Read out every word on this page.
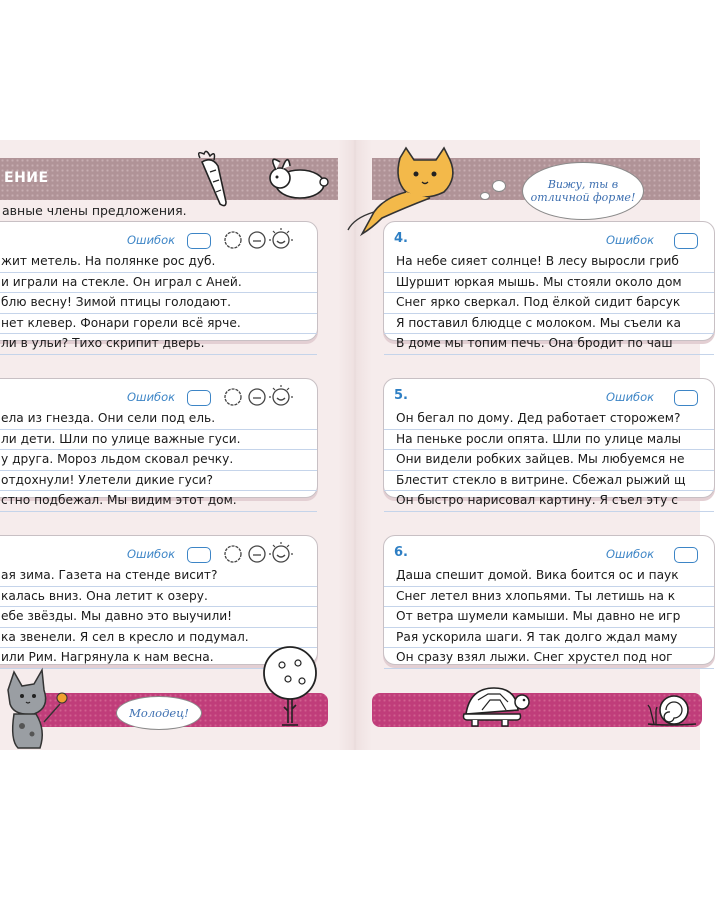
ЕНИЕ
авные члены предложения.
Ошибок
жит метель. На полянке рос дуб.
и играли на стекле. Он играл с Аней.
блю весну! Зимой птицы голодают.
нет клевер. Фонари горели всё ярче.
ли в ульи? Тихо скрипит дверь.
Ошибок
ела из гнезда. Они сели под ель.
ли дети. Шли по улице важные гуси.
у друга. Мороз льдом сковал речку.
отдохнули! Улетели дикие гуси?
стно подбежал. Мы видим этот дом.
Ошибок
ая зима. Газета на стенде висит?
калась вниз. Она летит к озеру.
ебе звёзды. Мы давно это выучили!
ка звенели. Я сел в кресло и подумал.
или Рим. Нагрянула к нам весна.
Молодец!
Вижу, ты в отличной форме!
4.	Ошибок
На небе сияет солнце! В лесу выросли гриб
Шуршит юркая мышь. Мы стояли около дом
Снег ярко сверкал. Под ёлкой сидит барсук
Я поставил блюдце с молоком. Мы съели ка
В доме мы топим печь. Она бродит по чаш
5.	Ошибок
Он бегал по дому. Дед работает сторожем?
На пеньке росли опята. Шли по улице малы
Они видели робких зайцев. Мы любуемся не
Блестит стекло в витрине. Сбежал рыжий щ
Он быстро нарисовал картину. Я съел эту с
6.	Ошибок
Даша спешит домой. Вика боится ос и паук
Снег летел вниз хлопьями. Ты летишь на к
От ветра шумели камыши. Мы давно не игр
Рая ускорила шаги. Я так долго ждал маму
Он сразу взял лыжи. Снег хрустел под ног
